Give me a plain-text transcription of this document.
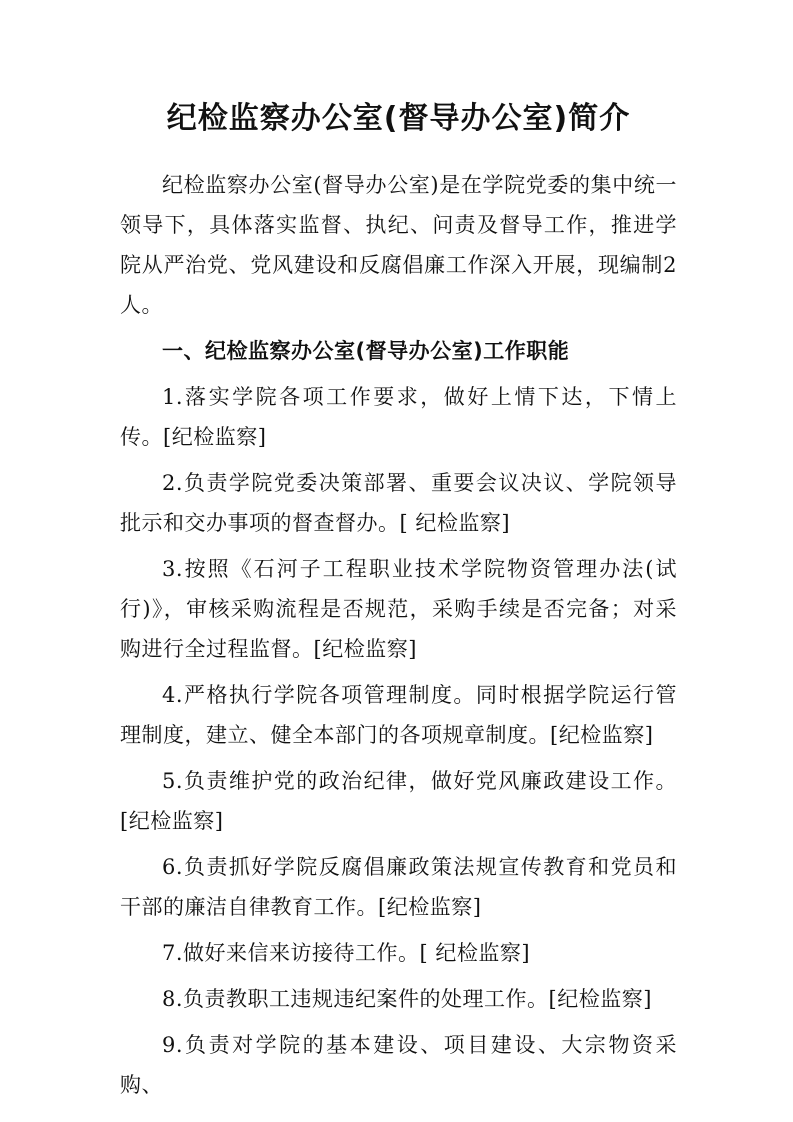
纪检监察办公室(督导办公室)简介

纪检监察办公室(督导办公室)是在学院党委的集中统一领导下，具体落实监督、执纪、问责及督导工作，推进学院从严治党、党风建设和反腐倡廉工作深入开展，现编制2人。

一、纪检监察办公室(督导办公室)工作职能

1.落实学院各项工作要求，做好上情下达，下情上传。[纪检监察]

2.负责学院党委决策部署、重要会议决议、学院领导批示和交办事项的督查督办。[ 纪检监察]

3.按照《石河子工程职业技术学院物资管理办法(试行)》，审核采购流程是否规范，采购手续是否完备；对采购进行全过程监督。[纪检监察]

4.严格执行学院各项管理制度。同时根据学院运行管理制度，建立、健全本部门的各项规章制度。[纪检监察]

5.负责维护党的政治纪律，做好党风廉政建设工作。[纪检监察]

6.负责抓好学院反腐倡廉政策法规宣传教育和党员和干部的廉洁自律教育工作。[纪检监察]

7.做好来信来访接待工作。[ 纪检监察]

8.负责教职工违规违纪案件的处理工作。[纪检监察]

9.负责对学院的基本建设、项目建设、大宗物资采购、
